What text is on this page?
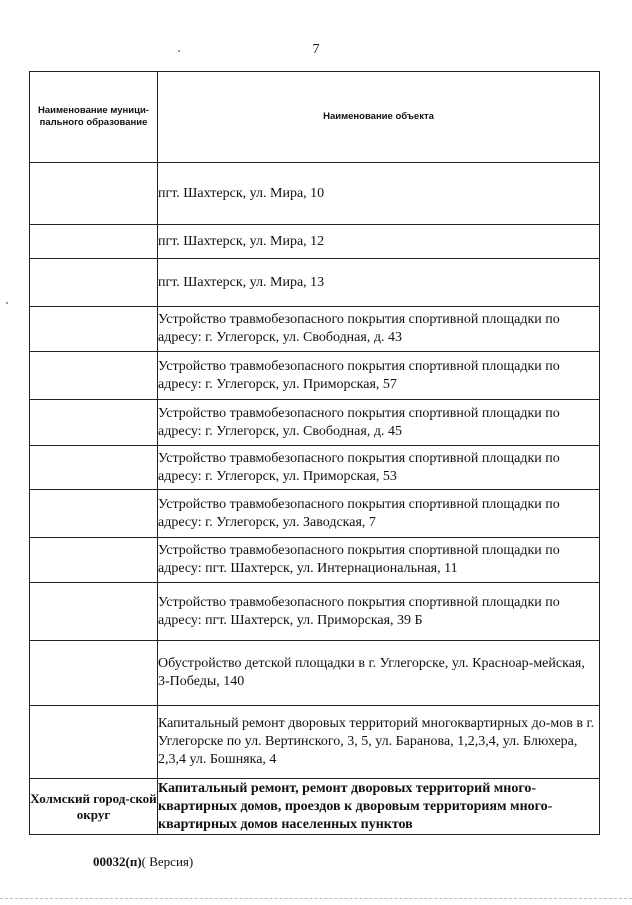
7
Наименование муници-пального образование	Наименование объекта
	пгт. Шахтерск, ул. Мира, 10
	пгт. Шахтерск, ул. Мира, 12
	пгт. Шахтерск, ул. Мира, 13
	Устройство травмобезопасного покрытия спортивной площадки по адресу: г. Углегорск, ул. Свободная, д. 43
	Устройство травмобезопасного покрытия спортивной площадки по адресу: г. Углегорск, ул. Приморская, 57
	Устройство травмобезопасного покрытия спортивной площадки по адресу: г. Углегорск, ул. Свободная, д. 45
	Устройство травмобезопасного покрытия спортивной площадки по адресу: г. Углегорск, ул. Приморская, 53
	Устройство травмобезопасного покрытия спортивной площадки по адресу: г. Углегорск, ул. Заводская, 7
	Устройство травмобезопасного покрытия спортивной площадки по адресу: пгт. Шахтерск, ул. Интернациональная, 11
	Устройство травмобезопасного покрытия спортивной площадки по адресу: пгт. Шахтерск, ул. Приморская, 39 Б
	Обустройство детской площадки в г. Углегорске, ул. Красноар-мейская, 3-Победы, 140
	Капитальный ремонт дворовых территорий многоквартирных до-мов в г. Углегорске по ул. Вертинского, 3, 5, ул. Баранова, 1,2,3,4, ул. Блюхера, 2,3,4 ул. Бошняка, 4
Холмский город-ской округ	Капитальный ремонт, ремонт дворовых территорий много-квартирных домов, проездов к дворовым территориям много-квартирных домов населенных пунктов
00032(п)( Версия)
